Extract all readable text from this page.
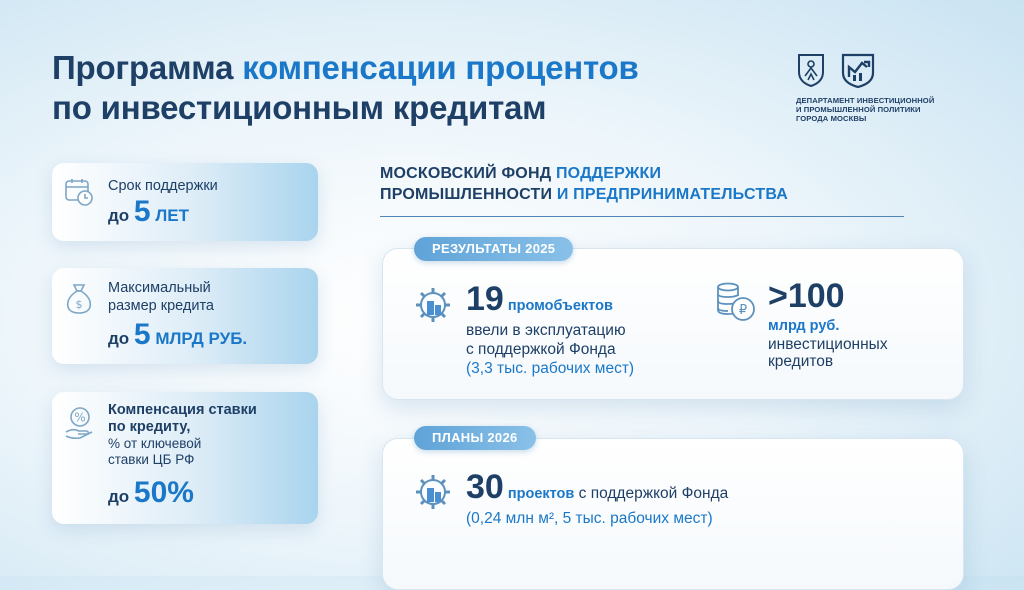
Программа компенсации процентов
по инвестиционным кредитам	ДЕПАРТАМЕНТ ИНВЕСТИЦИОННОЙ
И ПРОМЫШЛЕННОЙ ПОЛИТИКИ
ГОРОДА МОСКВЫ
Срок поддержки
до 5 ЛЕТ
$
Максимальный
размер кредита
до 5 МЛРД РУБ.
% Компенсация ставки
по кредиту,
% от ключевой
ставки ЦБ РФ
до 50%
МОСКОВСКИЙ ФОНД ПОДДЕРЖКИ
ПРОМЫШЛЕННОСТИ И ПРЕДПРИНИМАТЕЛЬСТВА
РЕЗУЛЬТАТЫ 2025
19 промобъектов
ввели в эксплуатацию
с поддержкой Фонда
(3,3 тыс. рабочих мест)
₽ >100
млрд руб.
инвестиционных
кредитов
ПЛАНЫ 2026
30 проектов с поддержкой Фонда
(0,24 млн м², 5 тыс. рабочих мест)
